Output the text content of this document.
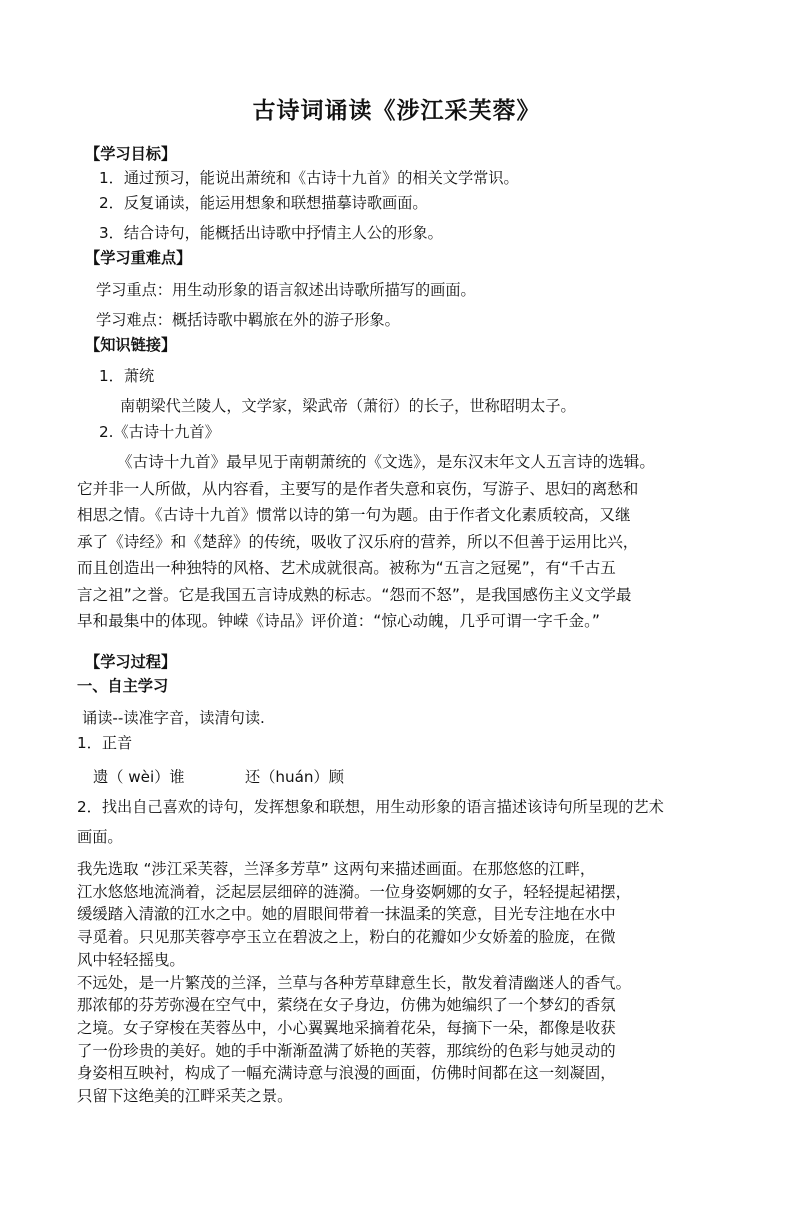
古诗词诵读《涉江采芙蓉》
【学习目标】
1．通过预习，能说出萧统和《古诗十九首》的相关文学常识。
2．反复诵读，能运用想象和联想描摹诗歌画面。
3．结合诗句，能概括出诗歌中抒情主人公的形象。
【学习重难点】
学习重点：用生动形象的语言叙述出诗歌所描写的画面。
学习难点：概括诗歌中羁旅在外的游子形象。
【知识链接】
1．萧统
南朝梁代兰陵人，文学家，梁武帝（萧衍）的长子，世称昭明太子。
2.《古诗十九首》

《古诗十九首》最早见于南朝萧统的《文选》，是东汉末年文人五言诗的选辑。

它并非一人所做，从内容看，主要写的是作者失意和哀伤，写游子、思妇的离愁和

相思之情。《古诗十九首》惯常以诗的第一句为题。由于作者文化素质较高，又继

承了《诗经》和《楚辞》的传统，吸收了汉乐府的营养，所以不但善于运用比兴，

而且创造出一种独特的风格、艺术成就很高。被称为“五言之冠冕”，有“千古五

言之祖”之誉。它是我国五言诗成熟的标志。“怨而不怒”，是我国感伤主义文学最

早和最集中的体现。钟嵘《诗品》评价道：“惊心动魄，几乎可谓一字千金。”

【学习过程】
一、自主学习
诵读--读准字音，读清句读.
1．正音
遗（ wèi）谁	还（huán）顾
2．找出自己喜欢的诗句，发挥想象和联想，用生动形象的语言描述该诗句所呈现的艺术
画面。

我先选取 “涉江采芙蓉，兰泽多芳草” 这两句来描述画面。在那悠悠的江畔，

江水悠悠地流淌着，泛起层层细碎的涟漪。一位身姿婀娜的女子，轻轻提起裙摆，

缓缓踏入清澈的江水之中。她的眉眼间带着一抹温柔的笑意，目光专注地在水中

寻觅着。只见那芙蓉亭亭玉立在碧波之上，粉白的花瓣如少女娇羞的脸庞，在微

风中轻轻摇曳。

不远处，是一片繁茂的兰泽，兰草与各种芳草肆意生长，散发着清幽迷人的香气。

那浓郁的芬芳弥漫在空气中，萦绕在女子身边，仿佛为她编织了一个梦幻的香氛

之境。女子穿梭在芙蓉丛中，小心翼翼地采摘着花朵，每摘下一朵，都像是收获

了一份珍贵的美好。她的手中渐渐盈满了娇艳的芙蓉，那缤纷的色彩与她灵动的

身姿相互映衬，构成了一幅充满诗意与浪漫的画面，仿佛时间都在这一刻凝固，

只留下这绝美的江畔采芙之景。
